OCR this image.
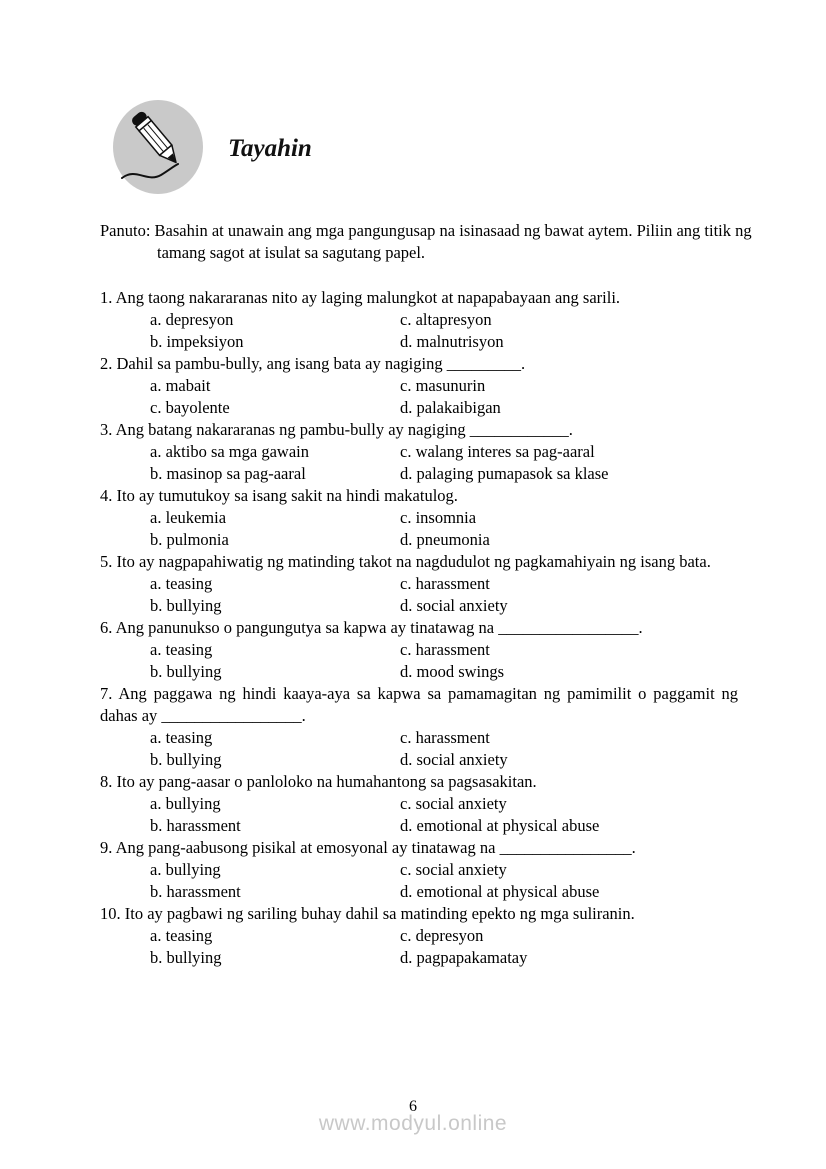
Tayahin

Panuto: Basahin at unawain ang mga pangungusap na isinasaad ng bawat aytem. Piliin ang titik ng tamang sagot at isulat sa sagutang papel.

1. Ang taong nakararanas nito ay laging malungkot at napapabayaan ang sarili.

a. depresyon
b. impeksiyon
c. altapresyon
d. malnutrisyon

2. Dahil sa pambu-bully, ang isang bata ay nagiging _________.

a. mabait
c. bayolente
c. masunurin
d. palakaibigan

3. Ang batang nakararanas ng pambu-bully ay nagiging ____________.

a. aktibo sa mga gawain
b. masinop sa pag-aaral
c. walang interes sa pag-aaral
d. palaging pumapasok sa klase

4. Ito ay tumutukoy sa isang sakit na hindi makatulog.

a. leukemia
b. pulmonia
c. insomnia
d. pneumonia

5. Ito ay nagpapahiwatig ng matinding takot na nagdudulot ng pagkamahiyain ng isang bata.

a. teasing
b. bullying
c. harassment
d. social anxiety

6. Ang panunukso o pangungutya sa kapwa ay tinatawag na _________________.

a. teasing
b. bullying
c. harassment
d. mood swings

7. Ang paggawa ng hindi kaaya-aya sa kapwa sa pamamagitan ng pamimilit o paggamit ng dahas ay _________________.

a. teasing
b. bullying
c. harassment
d. social anxiety

8. Ito ay pang-aasar o panloloko na humahantong sa pagsasakitan.

a. bullying
b. harassment
c. social anxiety
d. emotional at physical abuse

9. Ang pang-aabusong pisikal at emosyonal ay tinatawag na ________________.

a. bullying
b. harassment
c. social anxiety
d. emotional at physical abuse

10. Ito ay pagbawi ng sariling buhay dahil sa matinding epekto ng mga suliranin.

a. teasing
b. bullying
c. depresyon
d. pagpapakamatay
6
www.modyul.online
